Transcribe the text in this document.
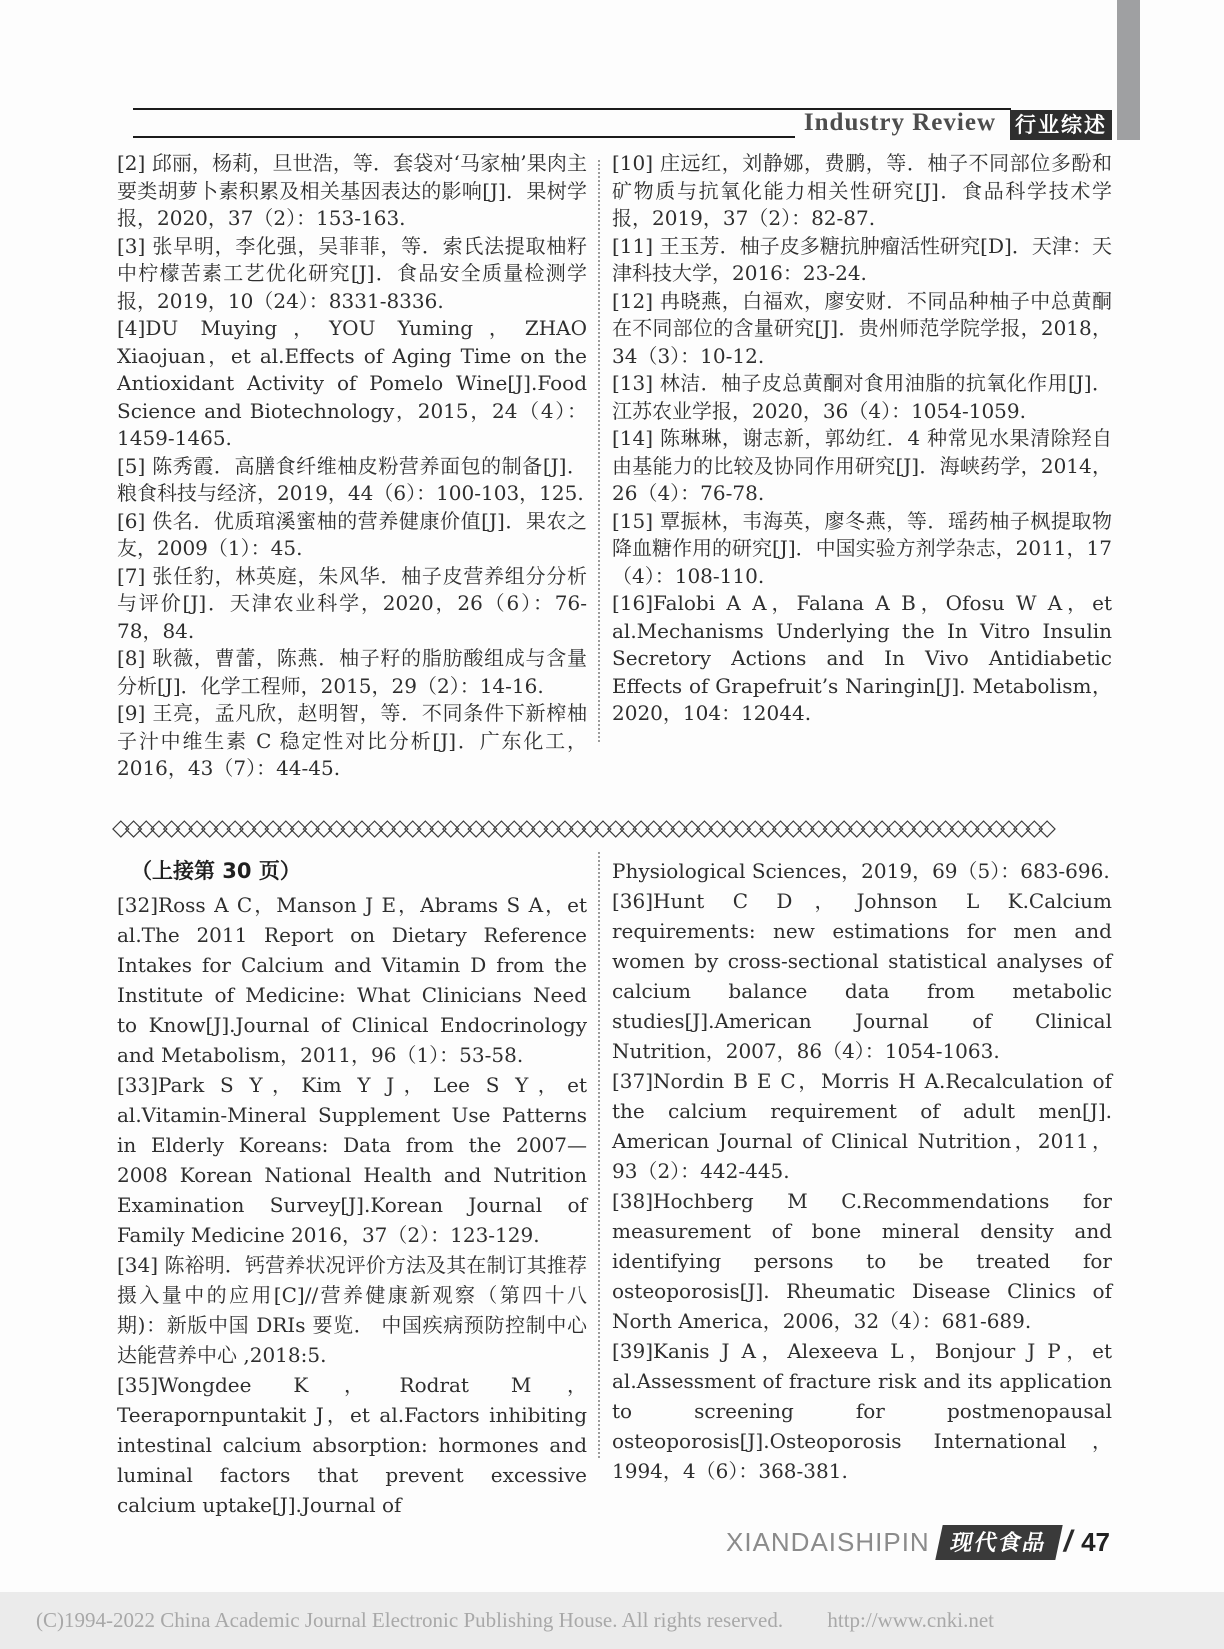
Industry Review 行业综述

[2] 邱丽，杨莉，旦世浩，等．套袋对‘马家柚’果肉主要类胡萝卜素积累及相关基因表达的影响[J]．果树学报，2020，37（2）：153-163.

[3] 张早明，李化强，吴菲菲，等．索氏法提取柚籽中柠檬苦素工艺优化研究[J]．食品安全质量检测学报，2019，10（24）：8331-8336.

[4]DU Muying，YOU Yuming，ZHAO Xiaojuan，et al.Effects of Aging Time on the Antioxidant Activity of Pomelo Wine[J].Food Science and Biotechnology，2015，24（4）：1459-1465.

[5] 陈秀霞．高膳食纤维柚皮粉营养面包的制备[J]．粮食科技与经济，2019，44（6）：100-103，125.

[6] 佚名．优质琯溪蜜柚的营养健康价值[J]．果农之友，2009（1）：45.

[7] 张任豹，林英庭，朱风华．柚子皮营养组分分析与评价[J]．天津农业科学，2020，26（6）：76-78，84.

[8] 耿薇，曹蕾，陈燕．柚子籽的脂肪酸组成与含量分析[J]．化学工程师，2015，29（2）：14-16.

[9] 王亮，孟凡欣，赵明智，等．不同条件下新榨柚子汁中维生素 C 稳定性对比分析[J]．广东化工，2016，43（7）：44-45.

[10] 庄远红，刘静娜，费鹏，等．柚子不同部位多酚和矿物质与抗氧化能力相关性研究[J]．食品科学技术学报，2019，37（2）：82-87.

[11] 王玉芳．柚子皮多糖抗肿瘤活性研究[D]．天津：天津科技大学，2016：23-24.

[12] 冉晓燕，白福欢，廖安财．不同品种柚子中总黄酮在不同部位的含量研究[J]．贵州师范学院学报，2018，34（3）：10-12.

[13] 林洁．柚子皮总黄酮对食用油脂的抗氧化作用[J]．江苏农业学报，2020，36（4）：1054-1059.

[14] 陈琳琳，谢志新，郭幼红．4 种常见水果清除羟自由基能力的比较及协同作用研究[J]．海峡药学，2014，26（4）：76-78.

[15] 覃振林，韦海英，廖冬燕，等．瑶药柚子枫提取物降血糖作用的研究[J]．中国实验方剂学杂志，2011，17（4）：108-110.

[16]Falobi A A，Falana A B，Ofosu W A，et al.Mechanisms Underlying the In Vitro Insulin Secretory Actions and In Vivo Antidiabetic Effects of Grapefruit’s Naringin[J]. Metabolism，2020，104：12044.

◇◇◇◇◇◇◇◇◇◇◇◇◇◇◇◇◇◇◇◇◇◇◇◇◇◇◇◇◇◇◇◇◇◇◇◇◇◇◇◇◇◇◇◇◇◇◇◇◇◇◇◇◇◇◇◇◇◇◇◇◇◇◇◇◇◇◇◇◇◇◇◇◇◇

（上接第 30 页）

[32]Ross A C，Manson J E，Abrams S A，et al.The 2011 Report on Dietary Reference Intakes for Calcium and Vitamin D from the Institute of Medicine: What Clinicians Need to Know[J].Journal of Clinical Endocrinology and Metabolism，2011，96（1）：53-58.

[33]Park S Y，Kim Y J，Lee S Y，et al.Vitamin-Mineral Supplement Use Patterns in Elderly Koreans: Data from the 2007—2008 Korean National Health and Nutrition Examination Survey[J].Korean Journal of Family Medicine 2016，37（2）：123-129.

[34] 陈裕明．钙营养状况评价方法及其在制订其推荐摄入量中的应用[C]//营养健康新观察（第四十八期)：新版中国 DRIs 要览． 中国疾病预防控制中心达能营养中心 ,2018:5.

[35]Wongdee K，Rodrat M，Teerapornpuntakit J，et al.Factors inhibiting intestinal calcium absorption: hormones and luminal factors that prevent excessive calcium uptake[J].Journal of

Physiological Sciences，2019，69（5）：683-696.

[36]Hunt C D，Johnson L K.Calcium requirements: new estimations for men and women by cross-sectional statistical analyses of calcium balance data from metabolic studies[J].American Journal of Clinical Nutrition，2007，86（4）：1054-1063.

[37]Nordin B E C，Morris H A.Recalculation of the calcium requirement of adult men[J]. American Journal of Clinical Nutrition，2011，93（2）：442-445.

[38]Hochberg M C.Recommendations for measurement of bone mineral density and identifying persons to be treated for osteoporosis[J]. Rheumatic Disease Clinics of North America，2006，32（4）：681-689.

[39]Kanis J A，Alexeeva L，Bonjour J P，et al.Assessment of fracture risk and its application to screening for postmenopausal osteoporosis[J].Osteoporosis International，1994，4（6）：368-381.

XIANDAISHIPIN 现代食品 / 47
(C)1994-2022 China Academic Journal Electronic Publishing House. All rights reserved. http://www.cnki.net
